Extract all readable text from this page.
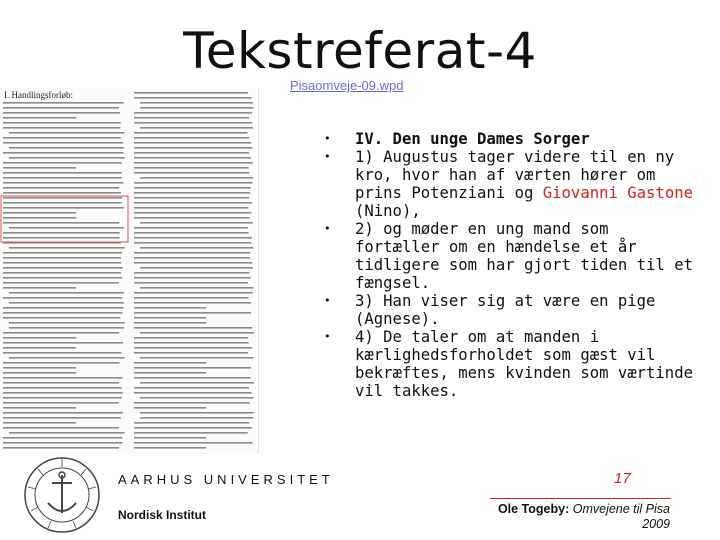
Tekstreferat-4
Pisaomveje-09.wpd
I. Handlingsforløb:
• IV. Den unge Dames Sorger
• 1) Augustus tager videre til en ny kro, hvor han af værten hører om prins Potenziani og Giovanni Gastone (Nino),
• 2) og møder en ung mand som fortæller om en hændelse et år tidligere som har gjort tiden til et fængsel.
• 3) Han viser sig at være en pige (Agnese).
• 4) De taler om at manden i kærlighedsforholdet som gæst vil bekræftes, mens kvinden som værtinde vil takkes.
AARHUS UNIVERSITET
Nordisk Institut
17
Ole Togeby: Omvejene til Pisa
2009
